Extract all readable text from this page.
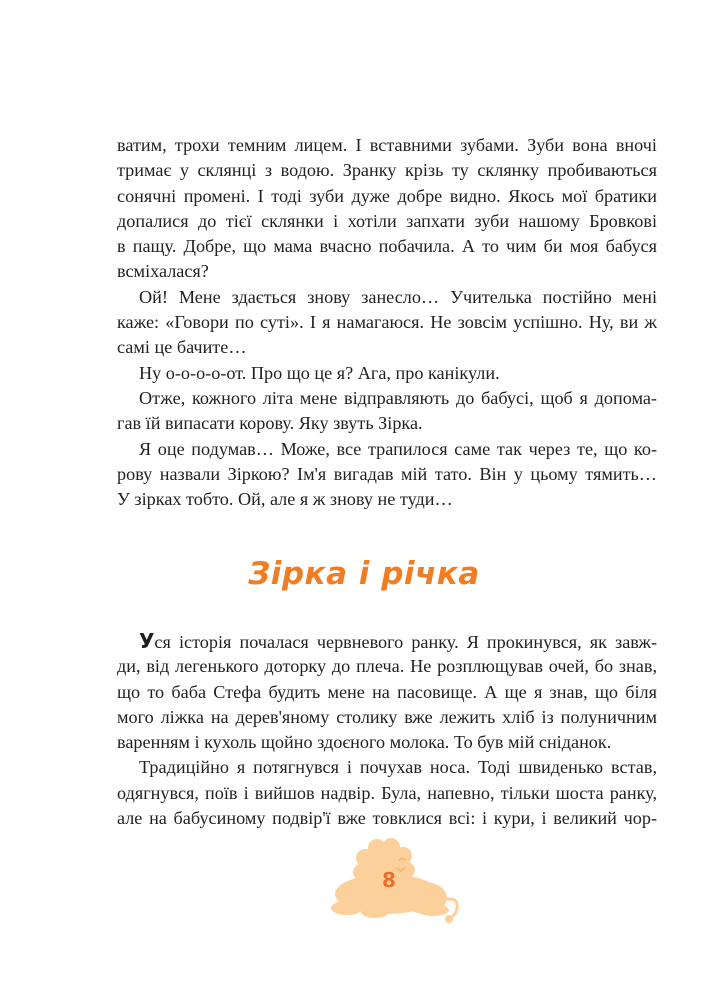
ватим, трохи темним лицем. І вставними зубами. Зуби вона вночі
тримає у склянці з водою. Зранку крізь ту склянку пробиваються
сонячні промені. І тоді зуби дуже добре видно. Якось мої братики
допалися до тієї склянки і хотіли запхати зуби нашому Бровкові
в пащу. Добре, що мама вчасно побачила. А то чим би моя бабуся
всміхалася?
Ой! Мене здається знову занесло… Учителька постійно мені
каже: «Говори по суті». І я намагаюся. Не зовсім успішно. Ну, ви ж
самі це бачите…
Ну о-о-о-о-от. Про що це я? Ага, про канікули.
Отже, кожного літа мене відправляють до бабусі, щоб я допома-
гав їй випасати корову. Яку звуть Зірка.
Я оце подумав… Може, все трапилося саме так через те, що ко-
рову назвали Зіркою? Ім'я вигадав мій тато. Він у цьому тямить…
У зірках тобто. Ой, але я ж знову не туди…
Зірка і річка
Уся історія почалася червневого ранку. Я прокинувся, як завж-
ди, від легенького доторку до плеча. Не розплющував очей, бо знав,
що то баба Стефа будить мене на пасовище. А ще я знав, що біля
мого ліжка на дерев'яному столику вже лежить хліб із полуничним
варенням і кухоль щойно здоєного молока. То був мій сніданок.
Традиційно я потягнувся і почухав носа. Тоді швиденько встав,
одягнувся, поїв і вийшов надвір. Була, напевно, тільки шоста ранку,
але на бабусиному подвір'ї вже товклися всі: і кури, і великий чор-
8
